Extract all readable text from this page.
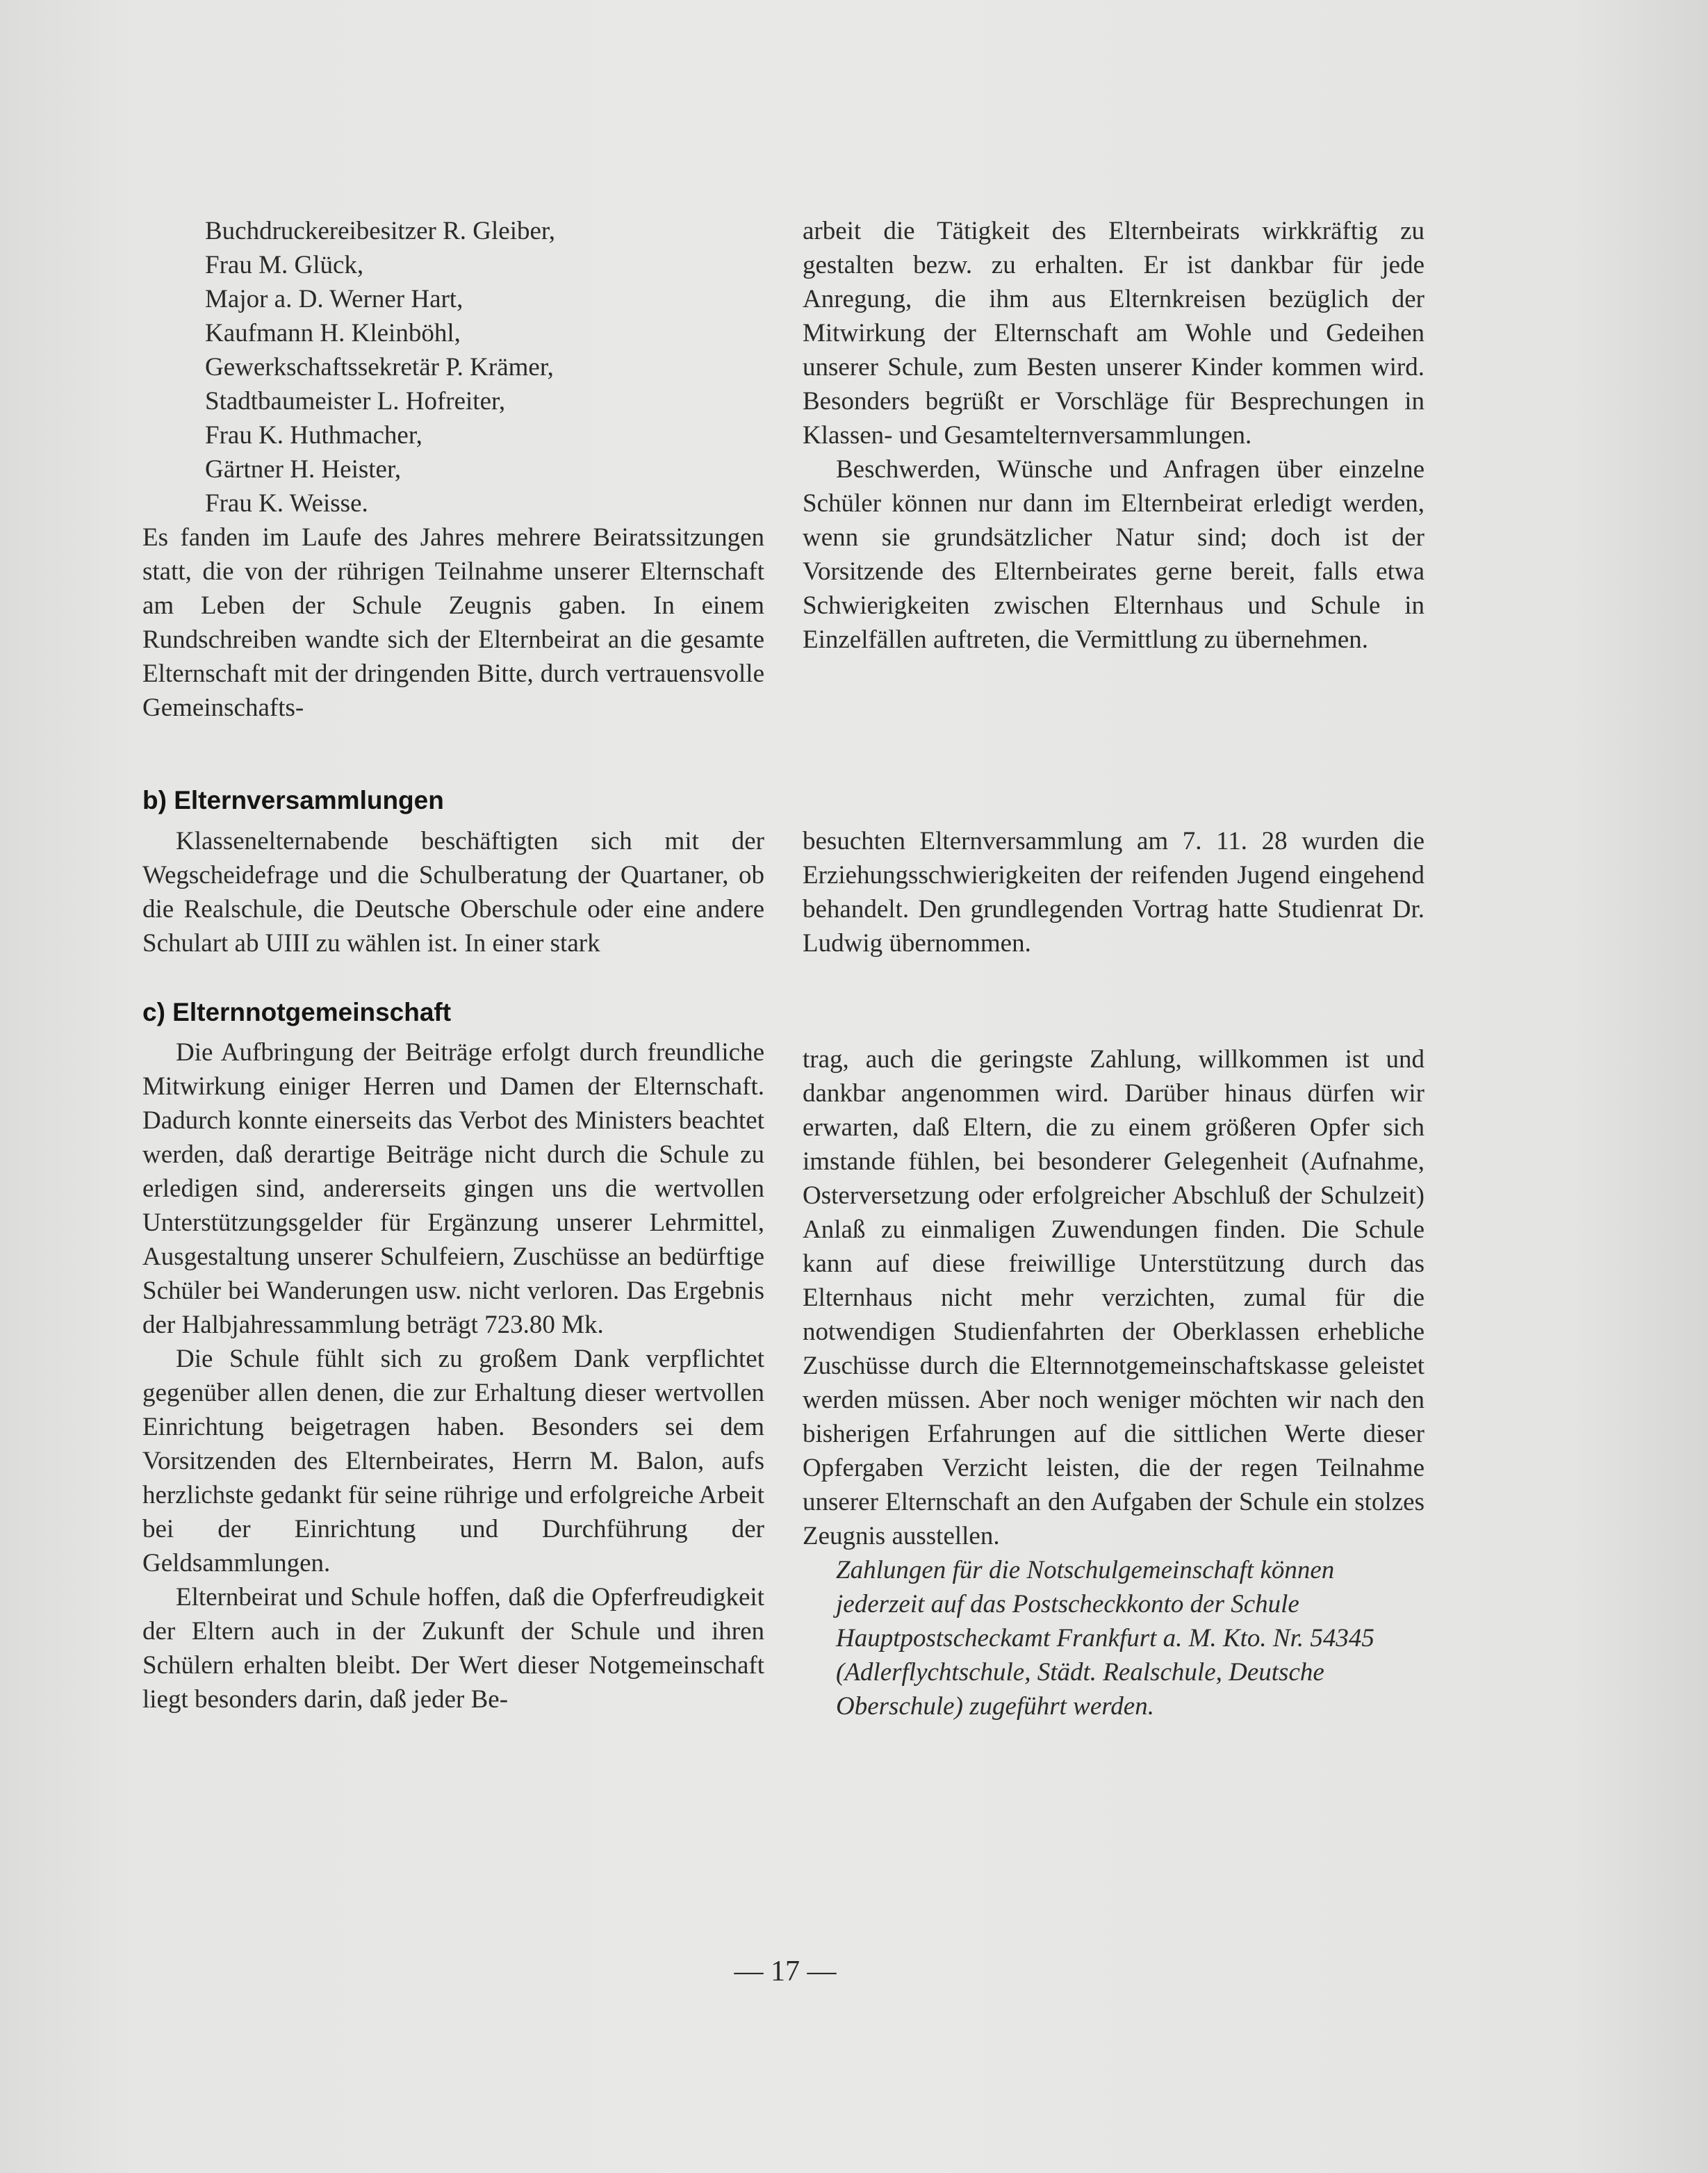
Buchdruckereibesitzer R. Gleiber,
Frau M. Glück,
Major a. D. Werner Hart,
Kaufmann H. Kleinböhl,
Gewerkschaftssekretär P. Krämer,
Stadtbaumeister L. Hofreiter,
Frau K. Huthmacher,
Gärtner H. Heister,
Frau K. Weisse.

Es fanden im Laufe des Jahres mehrere Beiratssitzungen statt, die von der rührigen Teilnahme unserer Elternschaft am Leben der Schule Zeugnis gaben. In einem Rundschreiben wandte sich der Elternbeirat an die gesamte Elternschaft mit der dringenden Bitte, durch vertrauensvolle Gemeinschafts-

arbeit die Tätigkeit des Elternbeirats wirkkräftig zu gestalten bezw. zu erhalten. Er ist dankbar für jede Anregung, die ihm aus Elternkreisen bezüglich der Mitwirkung der Elternschaft am Wohle und Gedeihen unserer Schule, zum Besten unserer Kinder kommen wird. Besonders begrüßt er Vorschläge für Besprechungen in Klassen- und Gesamtelternversammlungen.

Beschwerden, Wünsche und Anfragen über einzelne Schüler können nur dann im Elternbeirat erledigt werden, wenn sie grundsätzlicher Natur sind; doch ist der Vorsitzende des Elternbeirates gerne bereit, falls etwa Schwierigkeiten zwischen Elternhaus und Schule in Einzelfällen auftreten, die Vermittlung zu übernehmen.

b) Elternversammlungen

Klassenelternabende beschäftigten sich mit der Wegscheidefrage und die Schulberatung der Quartaner, ob die Realschule, die Deutsche Oberschule oder eine andere Schulart ab UIII zu wählen ist. In einer stark

besuchten Elternversammlung am 7. 11. 28 wurden die Erziehungsschwierigkeiten der reifenden Jugend eingehend behandelt. Den grundlegenden Vortrag hatte Studienrat Dr. Ludwig übernommen.

c) Elternnotgemeinschaft

Die Aufbringung der Beiträge erfolgt durch freundliche Mitwirkung einiger Herren und Damen der Elternschaft. Dadurch konnte einerseits das Verbot des Ministers beachtet werden, daß derartige Beiträge nicht durch die Schule zu erledigen sind, andererseits gingen uns die wertvollen Unterstützungsgelder für Ergänzung unserer Lehrmittel, Ausgestaltung unserer Schulfeiern, Zuschüsse an bedürftige Schüler bei Wanderungen usw. nicht verloren. Das Ergebnis der Halbjahressammlung beträgt 723.80 Mk.

Die Schule fühlt sich zu großem Dank verpflichtet gegenüber allen denen, die zur Erhaltung dieser wertvollen Einrichtung beigetragen haben. Besonders sei dem Vorsitzenden des Elternbeirates, Herrn M. Balon, aufs herzlichste gedankt für seine rührige und erfolgreiche Arbeit bei der Einrichtung und Durchführung der Geldsammlungen.

Elternbeirat und Schule hoffen, daß die Opferfreudigkeit der Eltern auch in der Zukunft der Schule und ihren Schülern erhalten bleibt. Der Wert dieser Notgemeinschaft liegt besonders darin, daß jeder Be-

trag, auch die geringste Zahlung, willkommen ist und dankbar angenommen wird. Darüber hinaus dürfen wir erwarten, daß Eltern, die zu einem größeren Opfer sich imstande fühlen, bei besonderer Gelegenheit (Aufnahme, Osterversetzung oder erfolgreicher Abschluß der Schulzeit) Anlaß zu einmaligen Zuwendungen finden. Die Schule kann auf diese freiwillige Unterstützung durch das Elternhaus nicht mehr verzichten, zumal für die notwendigen Studienfahrten der Oberklassen erhebliche Zuschüsse durch die Elternnotgemeinschaftskasse geleistet werden müssen. Aber noch weniger möchten wir nach den bisherigen Erfahrungen auf die sittlichen Werte dieser Opfergaben Verzicht leisten, die der regen Teilnahme unserer Elternschaft an den Aufgaben der Schule ein stolzes Zeugnis ausstellen.

Zahlungen für die Notschulgemeinschaft können jederzeit auf das Postscheckkonto der Schule Hauptpostscheckamt Frankfurt a. M. Kto. Nr. 54345 (Adlerflychtschule, Städt. Realschule, Deutsche Oberschule) zugeführt werden.

— 17 —
